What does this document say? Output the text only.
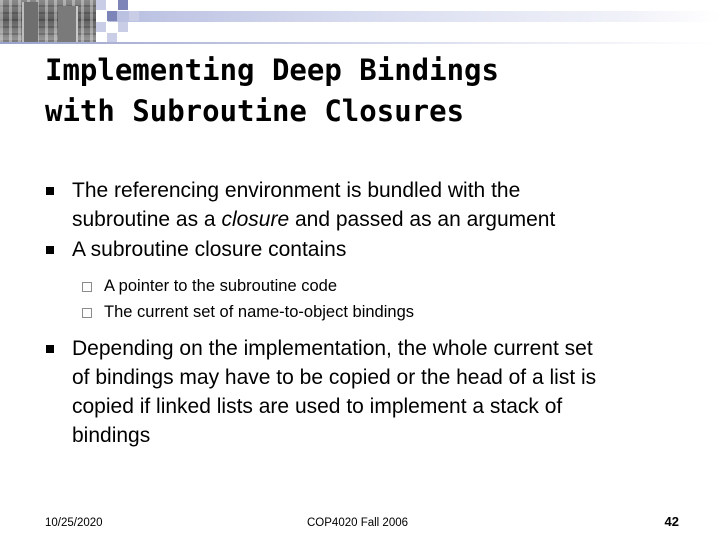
Implementing Deep Bindings
with Subroutine Closures
The referencing environment is bundled with the
subroutine as a closure and passed as an argument
A subroutine closure contains
A pointer to the subroutine code
The current set of name-to-object bindings
Depending on the implementation, the whole current set
of bindings may have to be copied or the head of a list is
copied if linked lists are used to implement a stack of
bindings
10/25/2020	COP4020 Fall 2006	42
